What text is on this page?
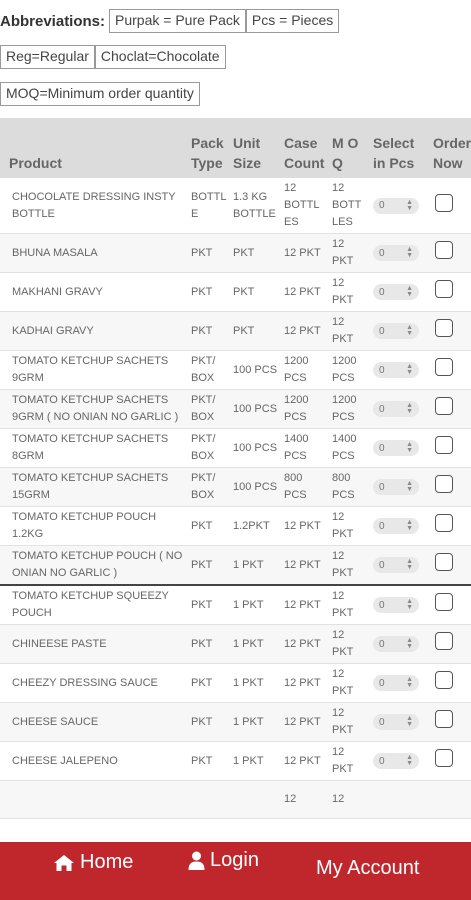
Abbreviations: Purpak = Pure Pack Pcs = Pieces
Reg=Regular Choclat=Chocolate
MOQ=Minimum order quantity
Product	Pack Type	Unit Size	Case Count	M O Q	Select in Pcs	Order Now
CHOCOLATE DRESSING INSTY BOTTLE	BOTTLE	1.3 KG BOTTLE	12 BOTTLES	12 BOTTLES	0 ▲
▼	

BHUNA MASALA	PKT	PKT	12 PKT	12 PKT	0 ▲
▼	

MAKHANI GRAVY	PKT	PKT	12 PKT	12 PKT	0 ▲
▼	

KADHAI GRAVY	PKT	PKT	12 PKT	12 PKT	0 ▲
▼	

TOMATO KETCHUP SACHETS 9GRM	PKT/ BOX	100 PCS	1200 PCS	1200 PCS	0 ▲
▼	

TOMATO KETCHUP SACHETS 9GRM ( NO ONIAN NO GARLIC )	PKT/ BOX	100 PCS	1200 PCS	1200 PCS	0 ▲
▼	

TOMATO KETCHUP SACHETS 8GRM	PKT/ BOX	100 PCS	1400 PCS	1400 PCS	0 ▲
▼	

TOMATO KETCHUP SACHETS 15GRM	PKT/ BOX	100 PCS	800 PCS	800 PCS	0 ▲
▼	

TOMATO KETCHUP POUCH 1.2KG	PKT	1.2PKT	12 PKT	12 PKT	0 ▲
▼	

TOMATO KETCHUP POUCH ( NO ONIAN NO GARLIC )	PKT	1 PKT	12 PKT	12 PKT	0 ▲
▼	

TOMATO KETCHUP SQUEEZY POUCH	PKT	1 PKT	12 PKT	12 PKT	0 ▲
▼	

CHINEESE PASTE	PKT	1 PKT	12 PKT	12 PKT	0 ▲
▼	

CHEEZY DRESSING SAUCE	PKT	1 PKT	12 PKT	12 PKT	0 ▲
▼	

CHEESE SAUCE	PKT	1 PKT	12 PKT	12 PKT	0 ▲
▼	

CHEESE JALEPENO	PKT	1 PKT	12 PKT	12 PKT	0 ▲
▼	

			12	12		
Home	Login	My Account
